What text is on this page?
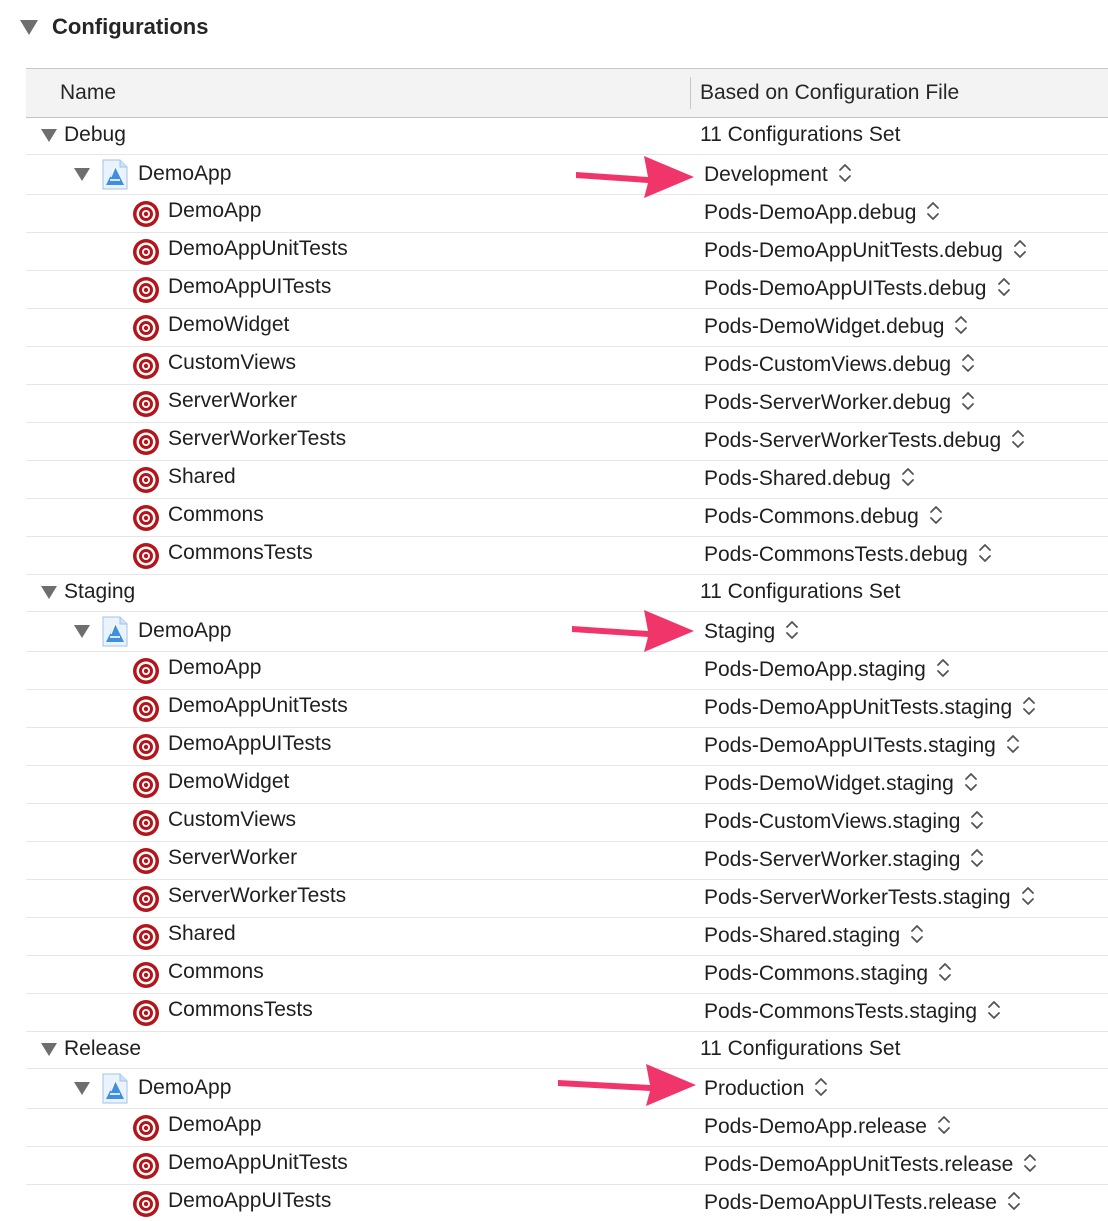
Configurations
Name	Based on Configuration File
Debug	11 Configurations Set
DemoApp	Development
DemoApp	Pods-DemoApp.debug
DemoAppUnitTests	Pods-DemoAppUnitTests.debug
DemoAppUITests	Pods-DemoAppUITests.debug
DemoWidget	Pods-DemoWidget.debug
CustomViews	Pods-CustomViews.debug
ServerWorker	Pods-ServerWorker.debug
ServerWorkerTests	Pods-ServerWorkerTests.debug
Shared	Pods-Shared.debug
Commons	Pods-Commons.debug
CommonsTests	Pods-CommonsTests.debug
Staging	11 Configurations Set
DemoApp	Staging
DemoApp	Pods-DemoApp.staging
DemoAppUnitTests	Pods-DemoAppUnitTests.staging
DemoAppUITests	Pods-DemoAppUITests.staging
DemoWidget	Pods-DemoWidget.staging
CustomViews	Pods-CustomViews.staging
ServerWorker	Pods-ServerWorker.staging
ServerWorkerTests	Pods-ServerWorkerTests.staging
Shared	Pods-Shared.staging
Commons	Pods-Commons.staging
CommonsTests	Pods-CommonsTests.staging
Release	11 Configurations Set
DemoApp	Production
DemoApp	Pods-DemoApp.release
DemoAppUnitTests	Pods-DemoAppUnitTests.release
DemoAppUITests	Pods-DemoAppUITests.release
